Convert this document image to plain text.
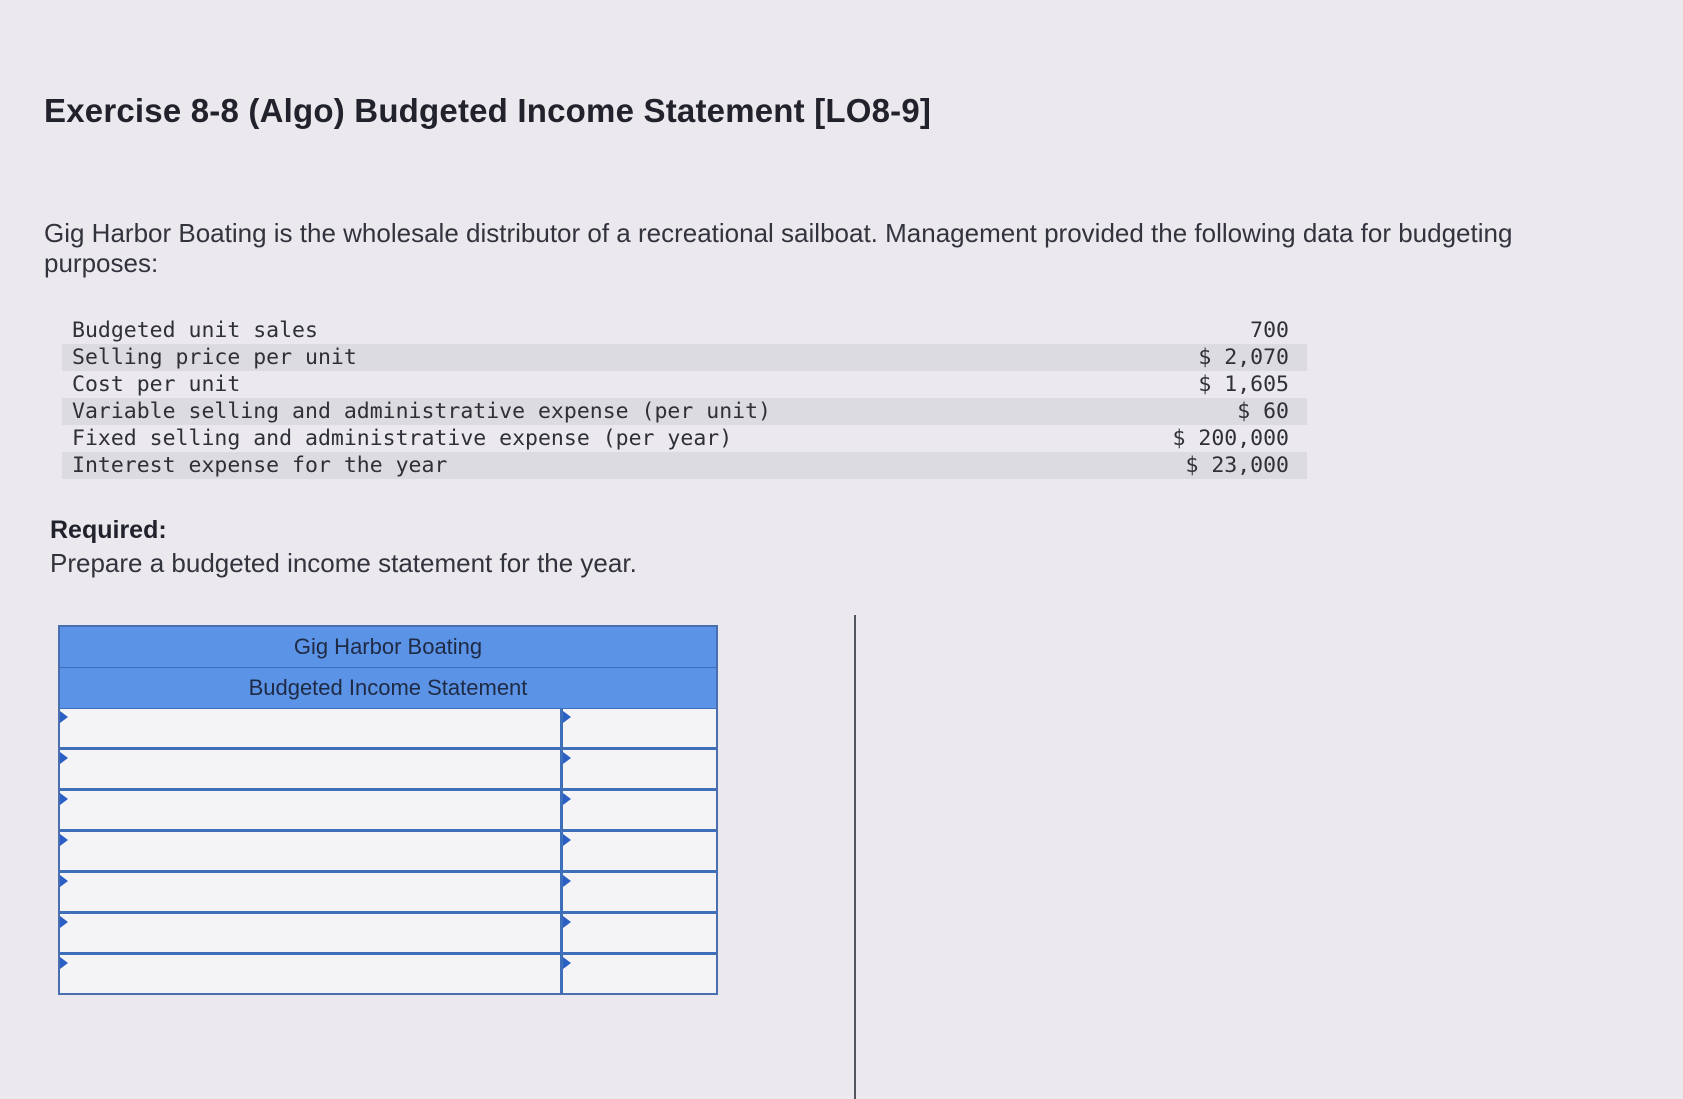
Exercise 8-8 (Algo) Budgeted Income Statement [LO8-9]
Gig Harbor Boating is the wholesale distributor of a recreational sailboat. Management provided the following data for budgeting purposes:
Budgeted unit sales	700
Selling price per unit	$ 2,070
Cost per unit	$ 1,605
Variable selling and administrative expense (per unit)	$ 60
Fixed selling and administrative expense (per year)	$ 200,000
Interest expense for the year	$ 23,000
Required:
Prepare a budgeted income statement for the year.
Gig Harbor Boating
Budgeted Income Statement
